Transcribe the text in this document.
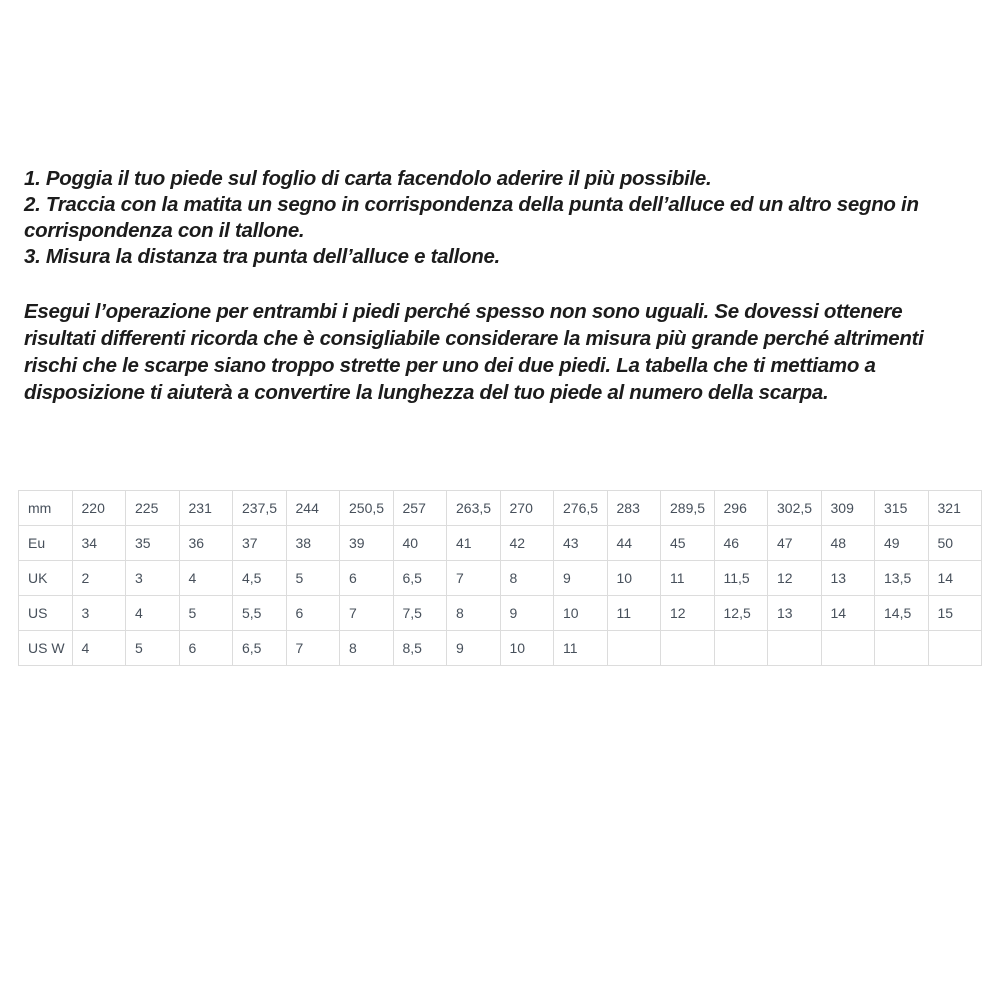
1. Poggia il tuo piede sul foglio di carta facendolo aderire il più possibile.

2. Traccia con la matita un segno in corrispondenza della punta dell’alluce ed un altro segno in corrispondenza con il tallone.

3. Misura la distanza tra punta dell’alluce e tallone.

Esegui l’operazione per entrambi i piedi perché spesso non sono uguali. Se dovessi ottenere risultati differenti ricorda che è consigliabile considerare la misura più grande perché altrimenti rischi che le scarpe siano troppo strette per uno dei due piedi. La tabella che ti mettiamo a disposizione ti aiuterà a convertire la lunghezza del tuo piede al numero della scarpa.
mm	220	225	231	237,5	244	250,5	257	263,5	270	276,5	283	289,5	296	302,5	309	315	321
Eu	34	35	36	37	38	39	40	41	42	43	44	45	46	47	48	49	50
UK	2	3	4	4,5	5	6	6,5	7	8	9	10	11	11,5	12	13	13,5	14
US	3	4	5	5,5	6	7	7,5	8	9	10	11	12	12,5	13	14	14,5	15
US W	4	5	6	6,5	7	8	8,5	9	10	11							
